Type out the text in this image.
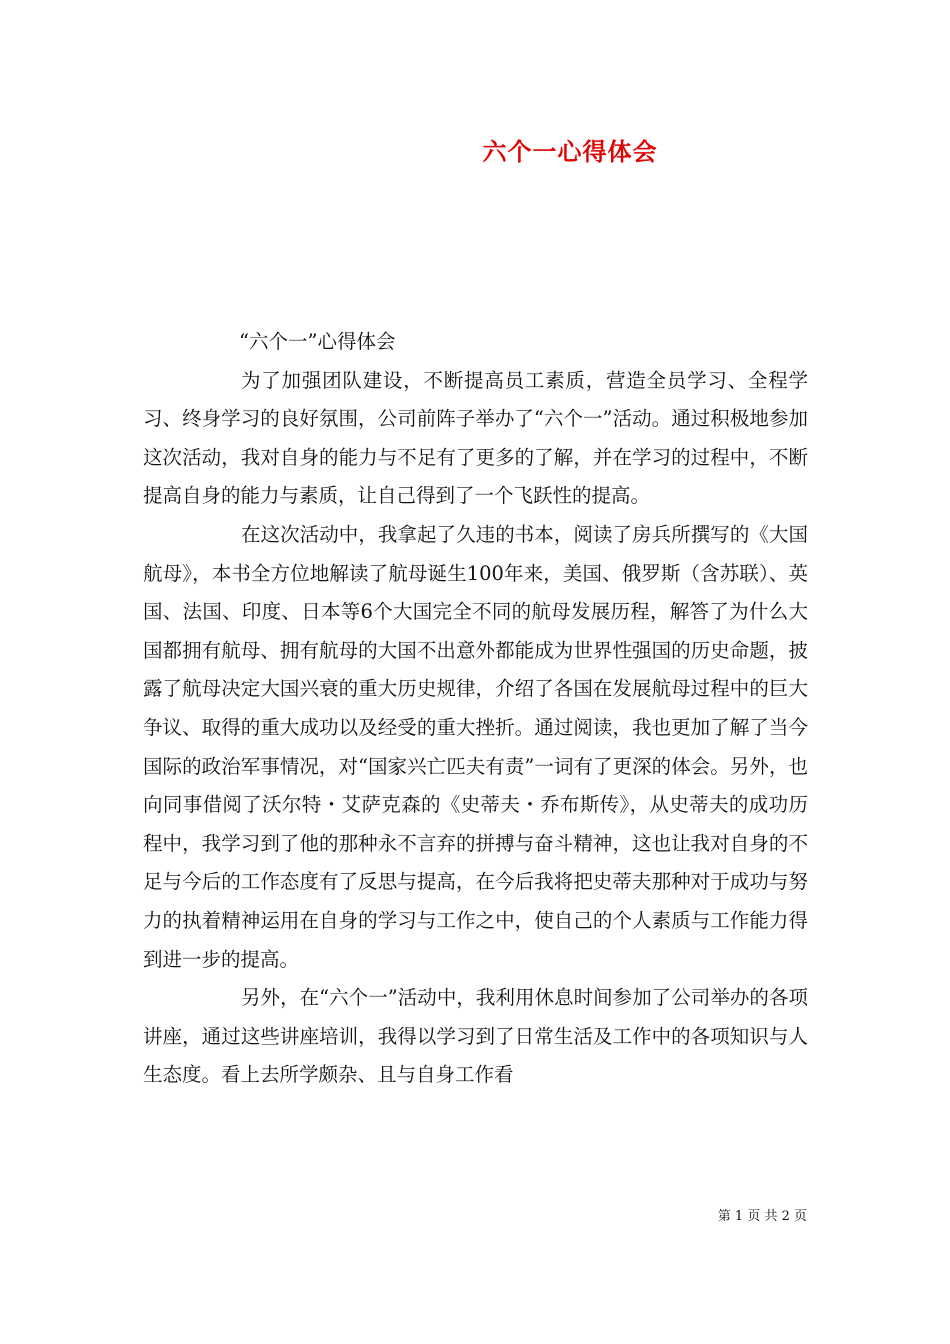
六个一心得体会

“六个一”心得体会

为了加强团队建设，不断提高员工素质，营造全员学习、全程学习、终身学习的良好氛围，公司前阵子举办了“六个一”活动。通过积极地参加这次活动，我对自身的能力与不足有了更多的了解，并在学习的过程中，不断提高自身的能力与素质，让自己得到了一个飞跃性的提高。

在这次活动中，我拿起了久违的书本，阅读了房兵所撰写的《大国航母》，本书全方位地解读了航母诞生100年来，美国、俄罗斯（含苏联）、英国、法国、印度、日本等6个大国完全不同的航母发展历程，解答了为什么大国都拥有航母、拥有航母的大国不出意外都能成为世界性强国的历史命题，披露了航母决定大国兴衰的重大历史规律，介绍了各国在发展航母过程中的巨大争议、取得的重大成功以及经受的重大挫折。通过阅读，我也更加了解了当今国际的政治军事情况，对“国家兴亡匹夫有责”一词有了更深的体会。另外，也向同事借阅了沃尔特・艾萨克森的《史蒂夫・乔布斯传》，从史蒂夫的成功历程中，我学习到了他的那种永不言弃的拼搏与奋斗精神，这也让我对自身的不足与今后的工作态度有了反思与提高，在今后我将把史蒂夫那种对于成功与努力的执着精神运用在自身的学习与工作之中，使自己的个人素质与工作能力得到进一步的提高。

另外，在“六个一”活动中，我利用休息时间参加了公司举办的各项讲座，通过这些讲座培训，我得以学习到了日常生活及工作中的各项知识与人生态度。看上去所学颇杂、且与自身工作看

第 1 页 共 2 页
